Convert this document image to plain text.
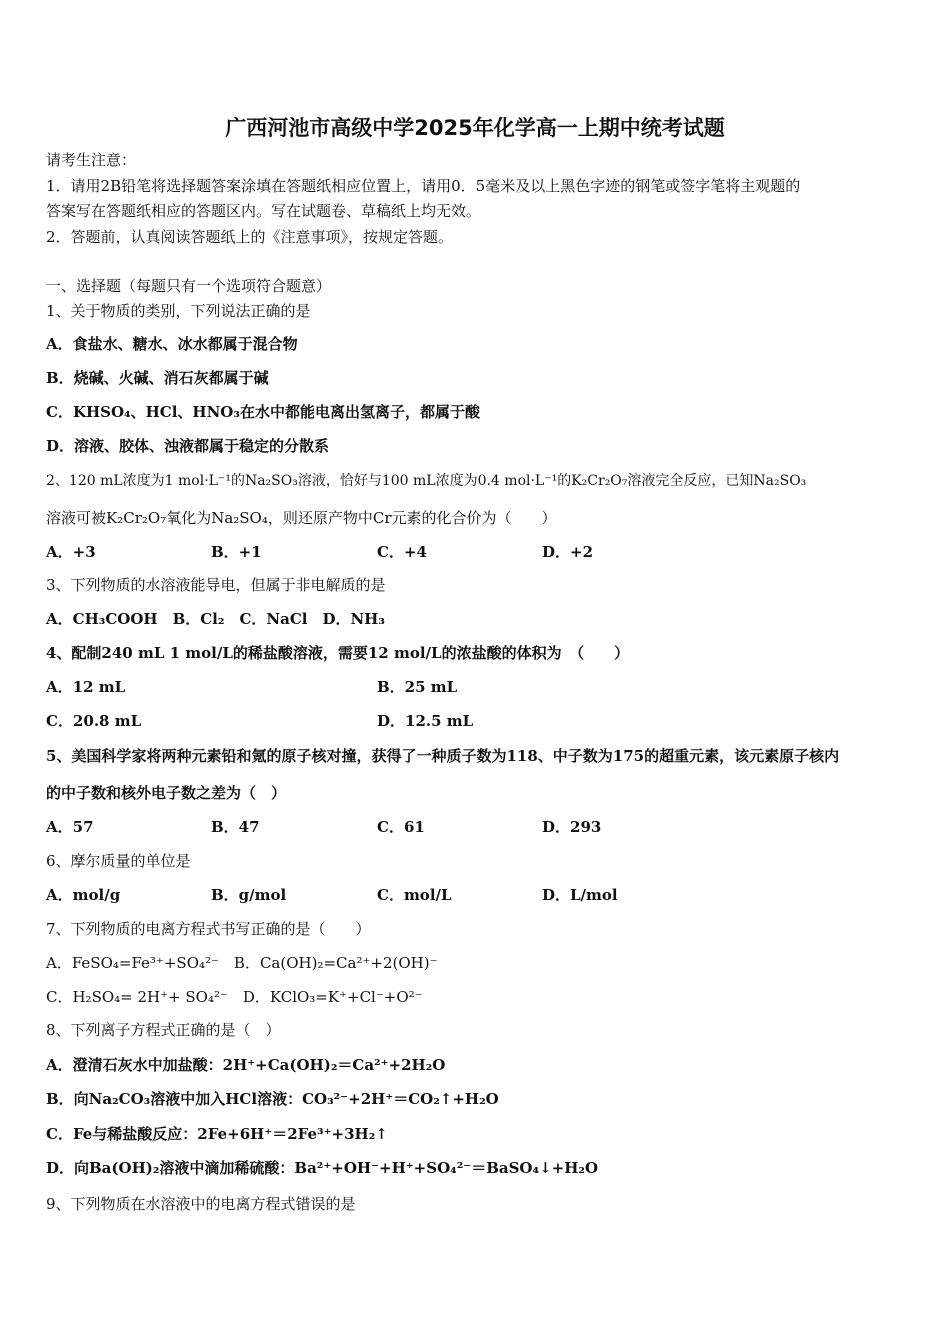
广西河池市高级中学2025年化学高一上期中统考试题
请考生注意：
1．请用2B铅笔将选择题答案涂填在答题纸相应位置上，请用0．5毫米及以上黑色字迹的钢笔或签字笔将主观题的
答案写在答题纸相应的答题区内。写在试题卷、草稿纸上均无效。
2．答题前，认真阅读答题纸上的《注意事项》，按规定答题。
一、选择题（每题只有一个选项符合题意）
1、关于物质的类别，下列说法正确的是
A．食盐水、糖水、冰水都属于混合物
B．烧碱、火碱、消石灰都属于碱
C．KHSO₄、HCl、HNO₃在水中都能电离出氢离子，都属于酸
D．溶液、胶体、浊液都属于稳定的分散系
2、120 mL浓度为1 mol·L⁻¹的Na₂SO₃溶液，恰好与100 mL浓度为0.4 mol·L⁻¹的K₂Cr₂O₇溶液完全反应，已知Na₂SO₃
溶液可被K₂Cr₂O₇氧化为Na₂SO₄，则还原产物中Cr元素的化合价为（　　）
A．+3	B．+1	C．+4	D．+2
3、下列物质的水溶液能导电，但属于非电解质的是
A．CH₃COOH　B．Cl₂　C．NaCl　D．NH₃
4、配制240 mL 1 mol/L的稀盐酸溶液，需要12 mol/L的浓盐酸的体积为　（　　）
A．12 mL	B．25 mL
C．20.8 mL	D．12.5 mL
5、美国科学家将两种元素铅和氪的原子核对撞，获得了一种质子数为118、中子数为175的超重元素，该元素原子核内
的中子数和核外电子数之差为（　）
A．57	B．47	C．61	D．293
6、摩尔质量的单位是
A．mol/g	B．g/mol	C．mol/L	D．L/mol
7、下列物质的电离方程式书写正确的是（　　）
A．FeSO₄=Fe³⁺+SO₄²⁻　B．Ca(OH)₂=Ca²⁺+2(OH)⁻
C．H₂SO₄= 2H⁺+ SO₄²⁻　D．KClO₃=K⁺+Cl⁻+O²⁻
8、下列离子方程式正确的是（　）
A．澄清石灰水中加盐酸：2H⁺+Ca(OH)₂＝Ca²⁺+2H₂O
B．向Na₂CO₃溶液中加入HCl溶液：CO₃²⁻+2H⁺＝CO₂↑+H₂O
C．Fe与稀盐酸反应：2Fe+6H⁺＝2Fe³⁺+3H₂↑
D．向Ba(OH)₂溶液中滴加稀硫酸：Ba²⁺+OH⁻+H⁺+SO₄²⁻＝BaSO₄↓+H₂O
9、下列物质在水溶液中的电离方程式错误的是
